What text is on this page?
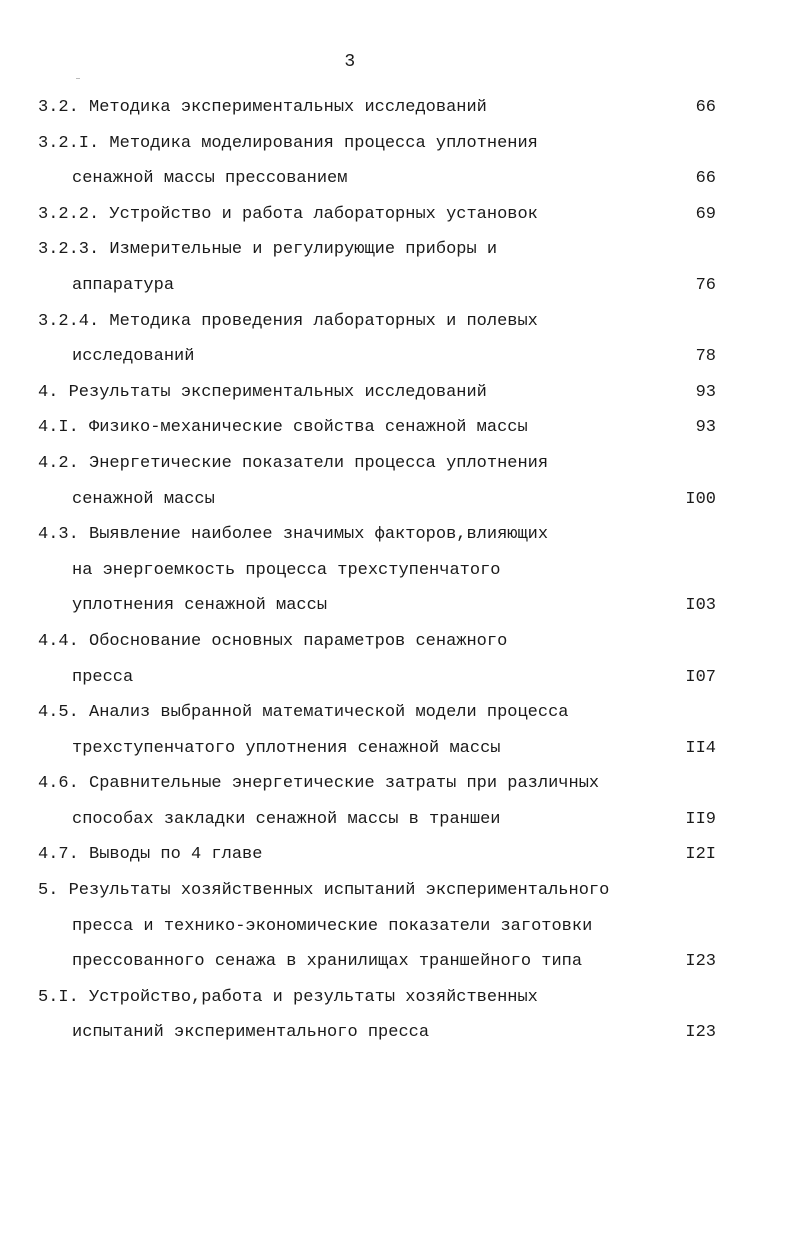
3
3.2. Методика экспериментальных исследований	66
3.2.I. Методика моделирования процесса уплотнения
сенажной массы прессованием	66
3.2.2. Устройство и работа лабораторных установок	69
3.2.3. Измерительные и регулирующие приборы и
аппаратура	76
3.2.4. Методика проведения лабораторных и полевых
исследований	78
4. Результаты экспериментальных исследований	93
4.I. Физико-механические свойства сенажной массы	93
4.2. Энергетические показатели процесса уплотнения
сенажной массы	I00
4.3. Выявление наиболее значимых факторов,влияющих
на энергоемкость процесса трехступенчатого
уплотнения сенажной массы	I03
4.4. Обоснование основных параметров сенажного
пресса	I07
4.5. Анализ выбранной математической модели процесса
трехступенчатого уплотнения сенажной массы	II4
4.6. Сравнительные энергетические затраты при различных
способах закладки сенажной массы в траншеи	II9
4.7. Выводы по 4 главе	I2I
5. Результаты хозяйственных испытаний экспериментального
пресса и технико-экономические показатели заготовки
прессованного сенажа в хранилищах траншейного типа	I23
5.I. Устройство,работа и результаты хозяйственных
испытаний экспериментального пресса	I23
